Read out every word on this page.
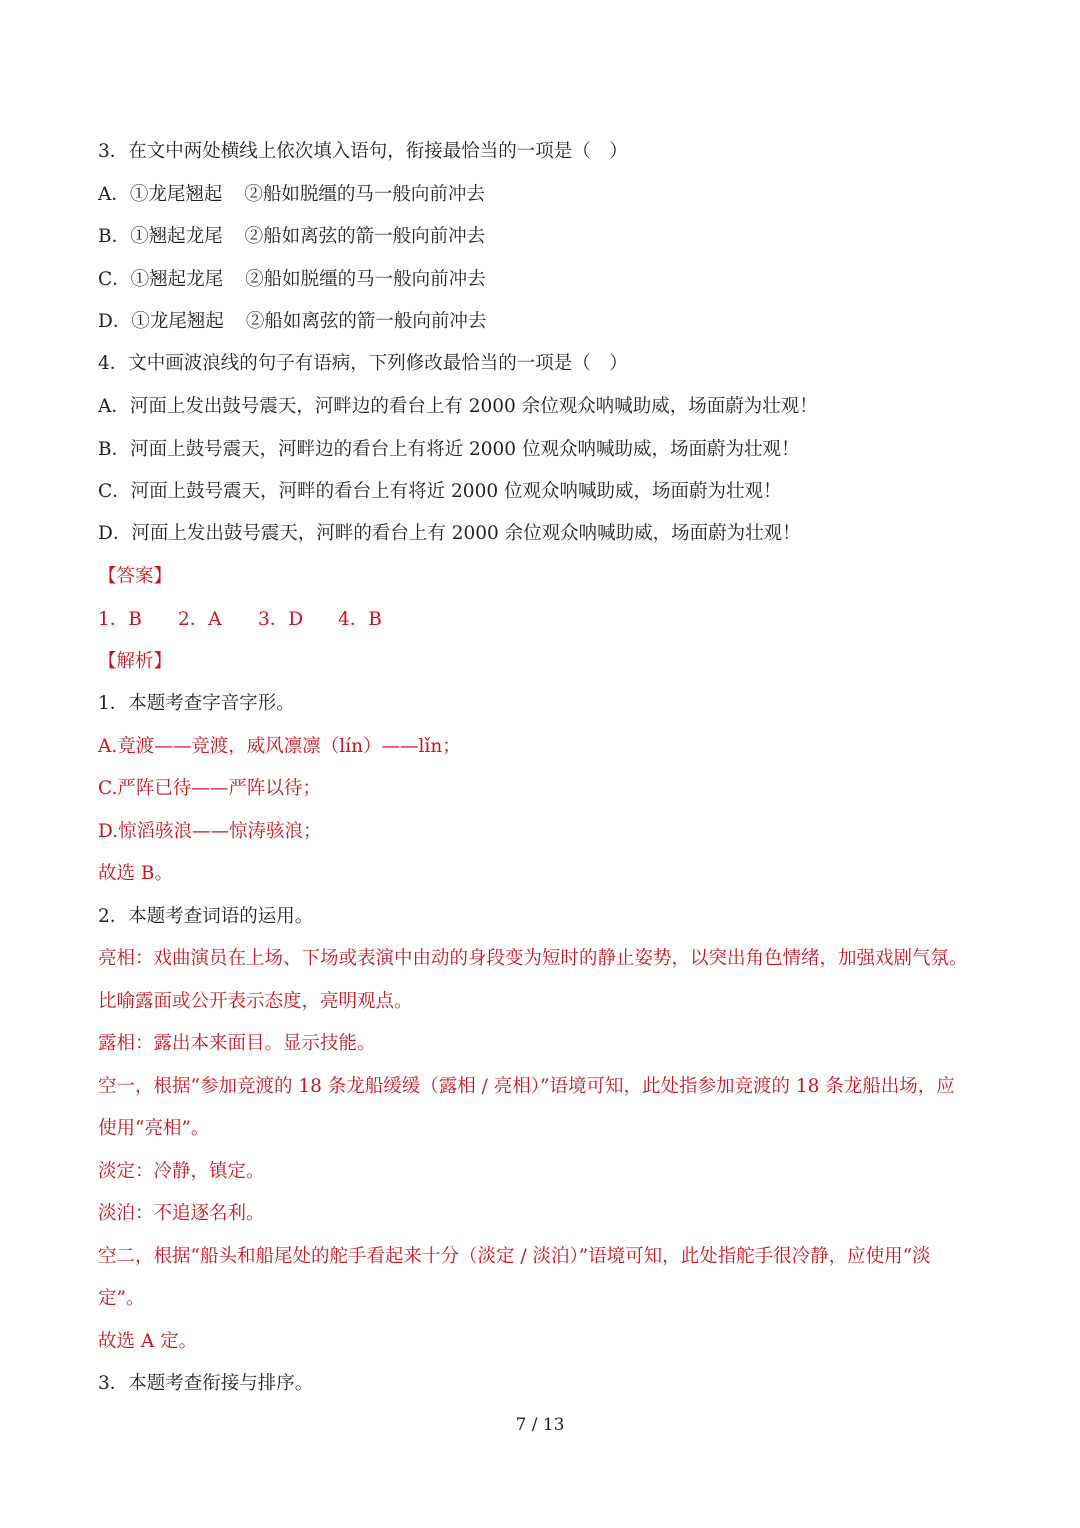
3．在文中两处横线上依次填入语句，衔接最恰当的一项是（　）
A．①龙尾翘起 ②船如脱缰的马一般向前冲去
B．①翘起龙尾 ②船如离弦的箭一般向前冲去
C．①翘起龙尾 ②船如脱缰的马一般向前冲去
D．①龙尾翘起 ②船如离弦的箭一般向前冲去
4．文中画波浪线的句子有语病，下列修改最恰当的一项是（　）
A．河面上发出鼓号震天，河畔边的看台上有 2000 余位观众呐喊助威，场面蔚为壮观！
B．河面上鼓号震天，河畔边的看台上有将近 2000 位观众呐喊助威，场面蔚为壮观！
C．河面上鼓号震天，河畔的看台上有将近 2000 位观众呐喊助威，场面蔚为壮观！
D．河面上发出鼓号震天，河畔的看台上有 2000 余位观众呐喊助威，场面蔚为壮观！
【答案】
1．B 2．A 3．D 4．B
【解析】
1．本题考查字音字形。
A.竟渡——竞渡，威风凛凛（lín）——lǐn；
C.严阵已待——严阵以待；
D.惊滔骇浪——惊涛骇浪；
故选 B。
2．本题考查词语的运用。
亮相：戏曲演员在上场、下场或表演中由动的身段变为短时的静止姿势，以突出角色情绪，加强戏剧气氛。
比喻露面或公开表示态度，亮明观点。
露相：露出本来面目。显示技能。
空一，根据“参加竞渡的 18 条龙船缓缓（露相 / 亮相）”语境可知，此处指参加竞渡的 18 条龙船出场，应
使用“亮相”。
淡定：冷静，镇定。
淡泊：不追逐名利。
空二，根据“船头和船尾处的舵手看起来十分（淡定 / 淡泊）”语境可知，此处指舵手很冷静，应使用“淡
定”。
故选 A 定。
3．本题考查衔接与排序。
7 / 13
